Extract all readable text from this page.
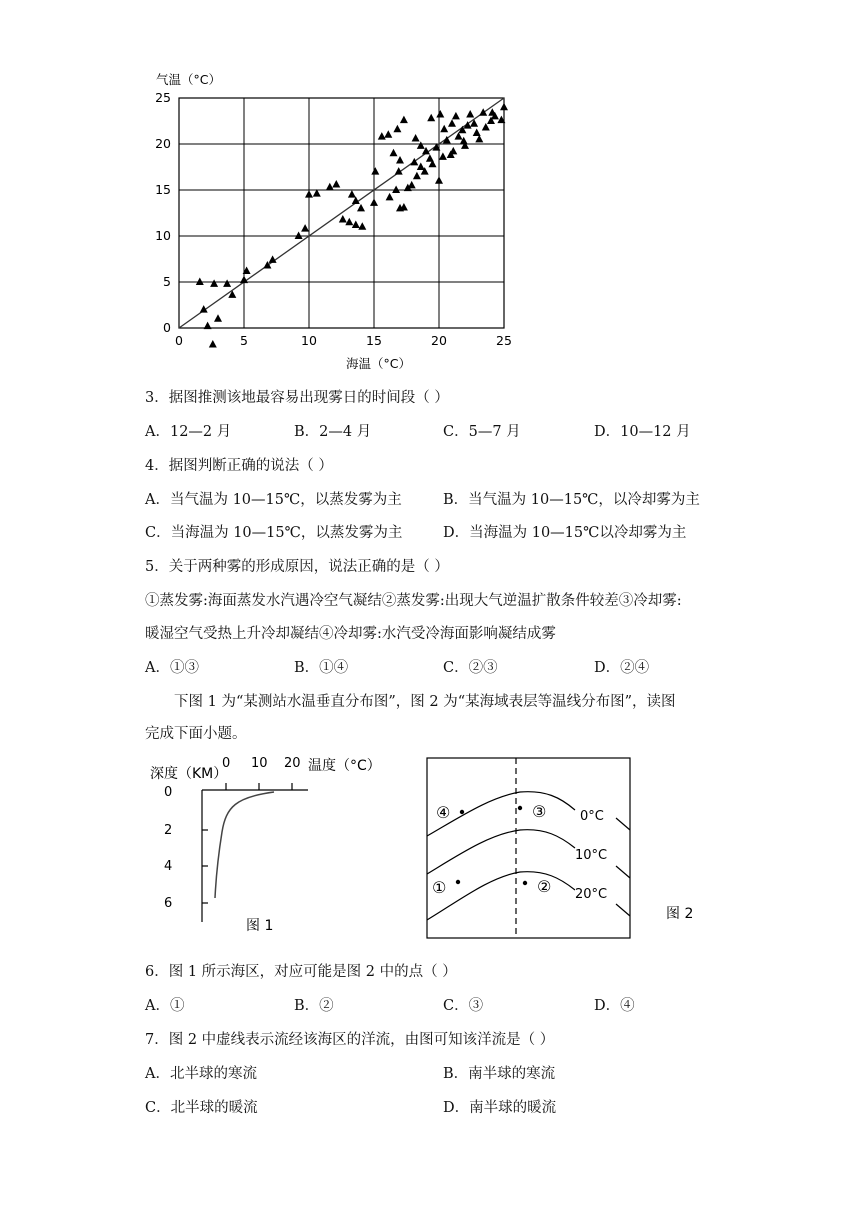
0
0
5
5
10
10
15
15
20
20
25
25
气温（°C）
海温（°C）
3．据图推测该地最容易出现雾日的时间段（ ）
A．12—2 月	B．2—4 月	C．5—7 月	D．10—12 月
4．据图判断正确的说法（ ）
A．当气温为 10—15℃，以蒸发雾为主	B．当气温为 10—15℃，以冷却雾为主
C．当海温为 10—15℃，以蒸发雾为主	D．当海温为 10—15℃以冷却雾为主
5．关于两种雾的形成原因，说法正确的是（ ）
①蒸发雾:海面蒸发水汽遇冷空气凝结②蒸发雾:出现大气逆温扩散条件较差③冷却雾:
暖湿空气受热上升冷却凝结④冷却雾:水汽受冷海面影响凝结成雾
A．①③	B．①④	C．②③	D．②④
下图 1 为“某测站水温垂直分布图”，图 2 为“某海域表层等温线分布图”，读图
完成下面小题。
深度（KM）	温度（°C）
0 10 20
0
2
4
6
图 1
0°C
10°C
20°C
①	②
③
④
图 2
6．图 1 所示海区，对应可能是图 2 中的点（ ）
A．①	B．②	C．③	D．④
7．图 2 中虚线表示流经该海区的洋流，由图可知该洋流是（ ）
A．北半球的寒流	B．南半球的寒流
C．北半球的暖流	D．南半球的暖流
